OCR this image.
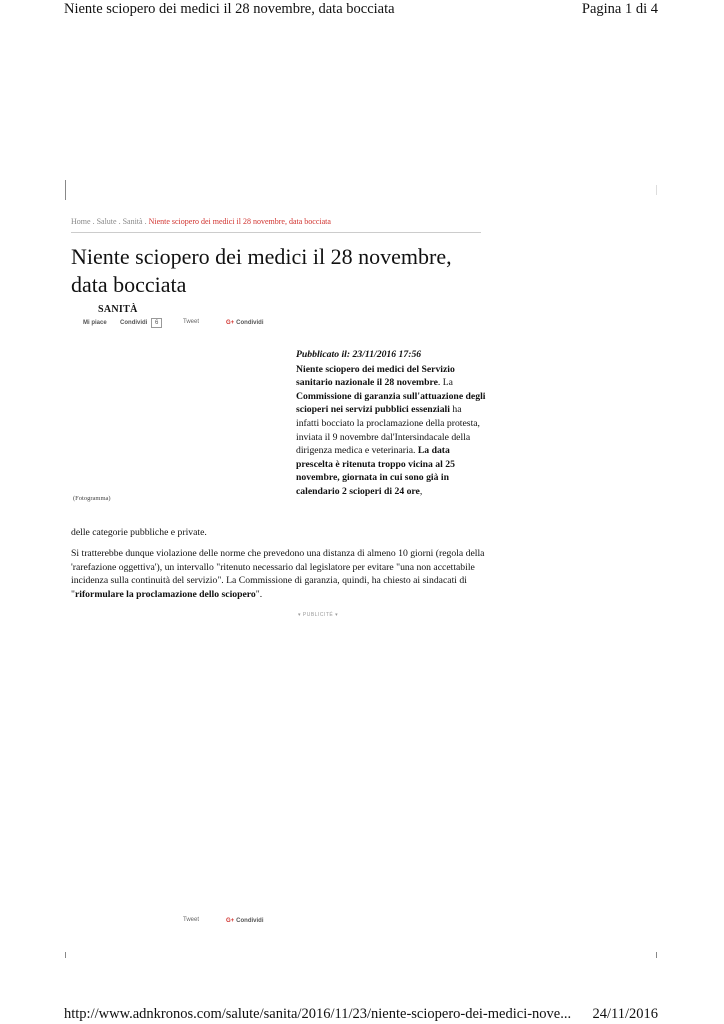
Niente sciopero dei medici il 28 novembre, data bocciata	Pagina 1 di 4
Home . Salute . Sanità . Niente sciopero dei medici il 28 novembre, data bocciata
Niente sciopero dei medici il 28 novembre, data bocciata
SANITÀ
Mi piace Condividi 6	Tweet	G+ Condividi
(Fotogramma)
Pubblicato il: 23/11/2016 17:56
Niente sciopero dei medici del Servizio sanitario nazionale il 28 novembre. La Commissione di garanzia sull'attuazione degli scioperi nei servizi pubblici essenziali ha infatti bocciato la proclamazione della protesta, inviata il 9 novembre dal'Intersindacale della dirigenza medica e veterinaria. La data prescelta è ritenuta troppo vicina al 25 novembre, giornata in cui sono già in calendario 2 scioperi di 24 ore,
delle categorie pubbliche e private.

Si tratterebbe dunque violazione delle norme che prevedono una distanza di almeno 10 giorni (regola della 'rarefazione oggettiva'), un intervallo "ritenuto necessario dal legislatore per evitare "una non accettabile incidenza sulla continuità del servizio". La Commissione di garanzia, quindi, ha chiesto ai sindacati di "riformulare la proclamazione dello sciopero".

▾ PUBLICITÉ ▾
Tweet	G+ Condividi
http://www.adnkronos.com/salute/sanita/2016/11/23/niente-sciopero-dei-medici-nove... 24/11/2016
